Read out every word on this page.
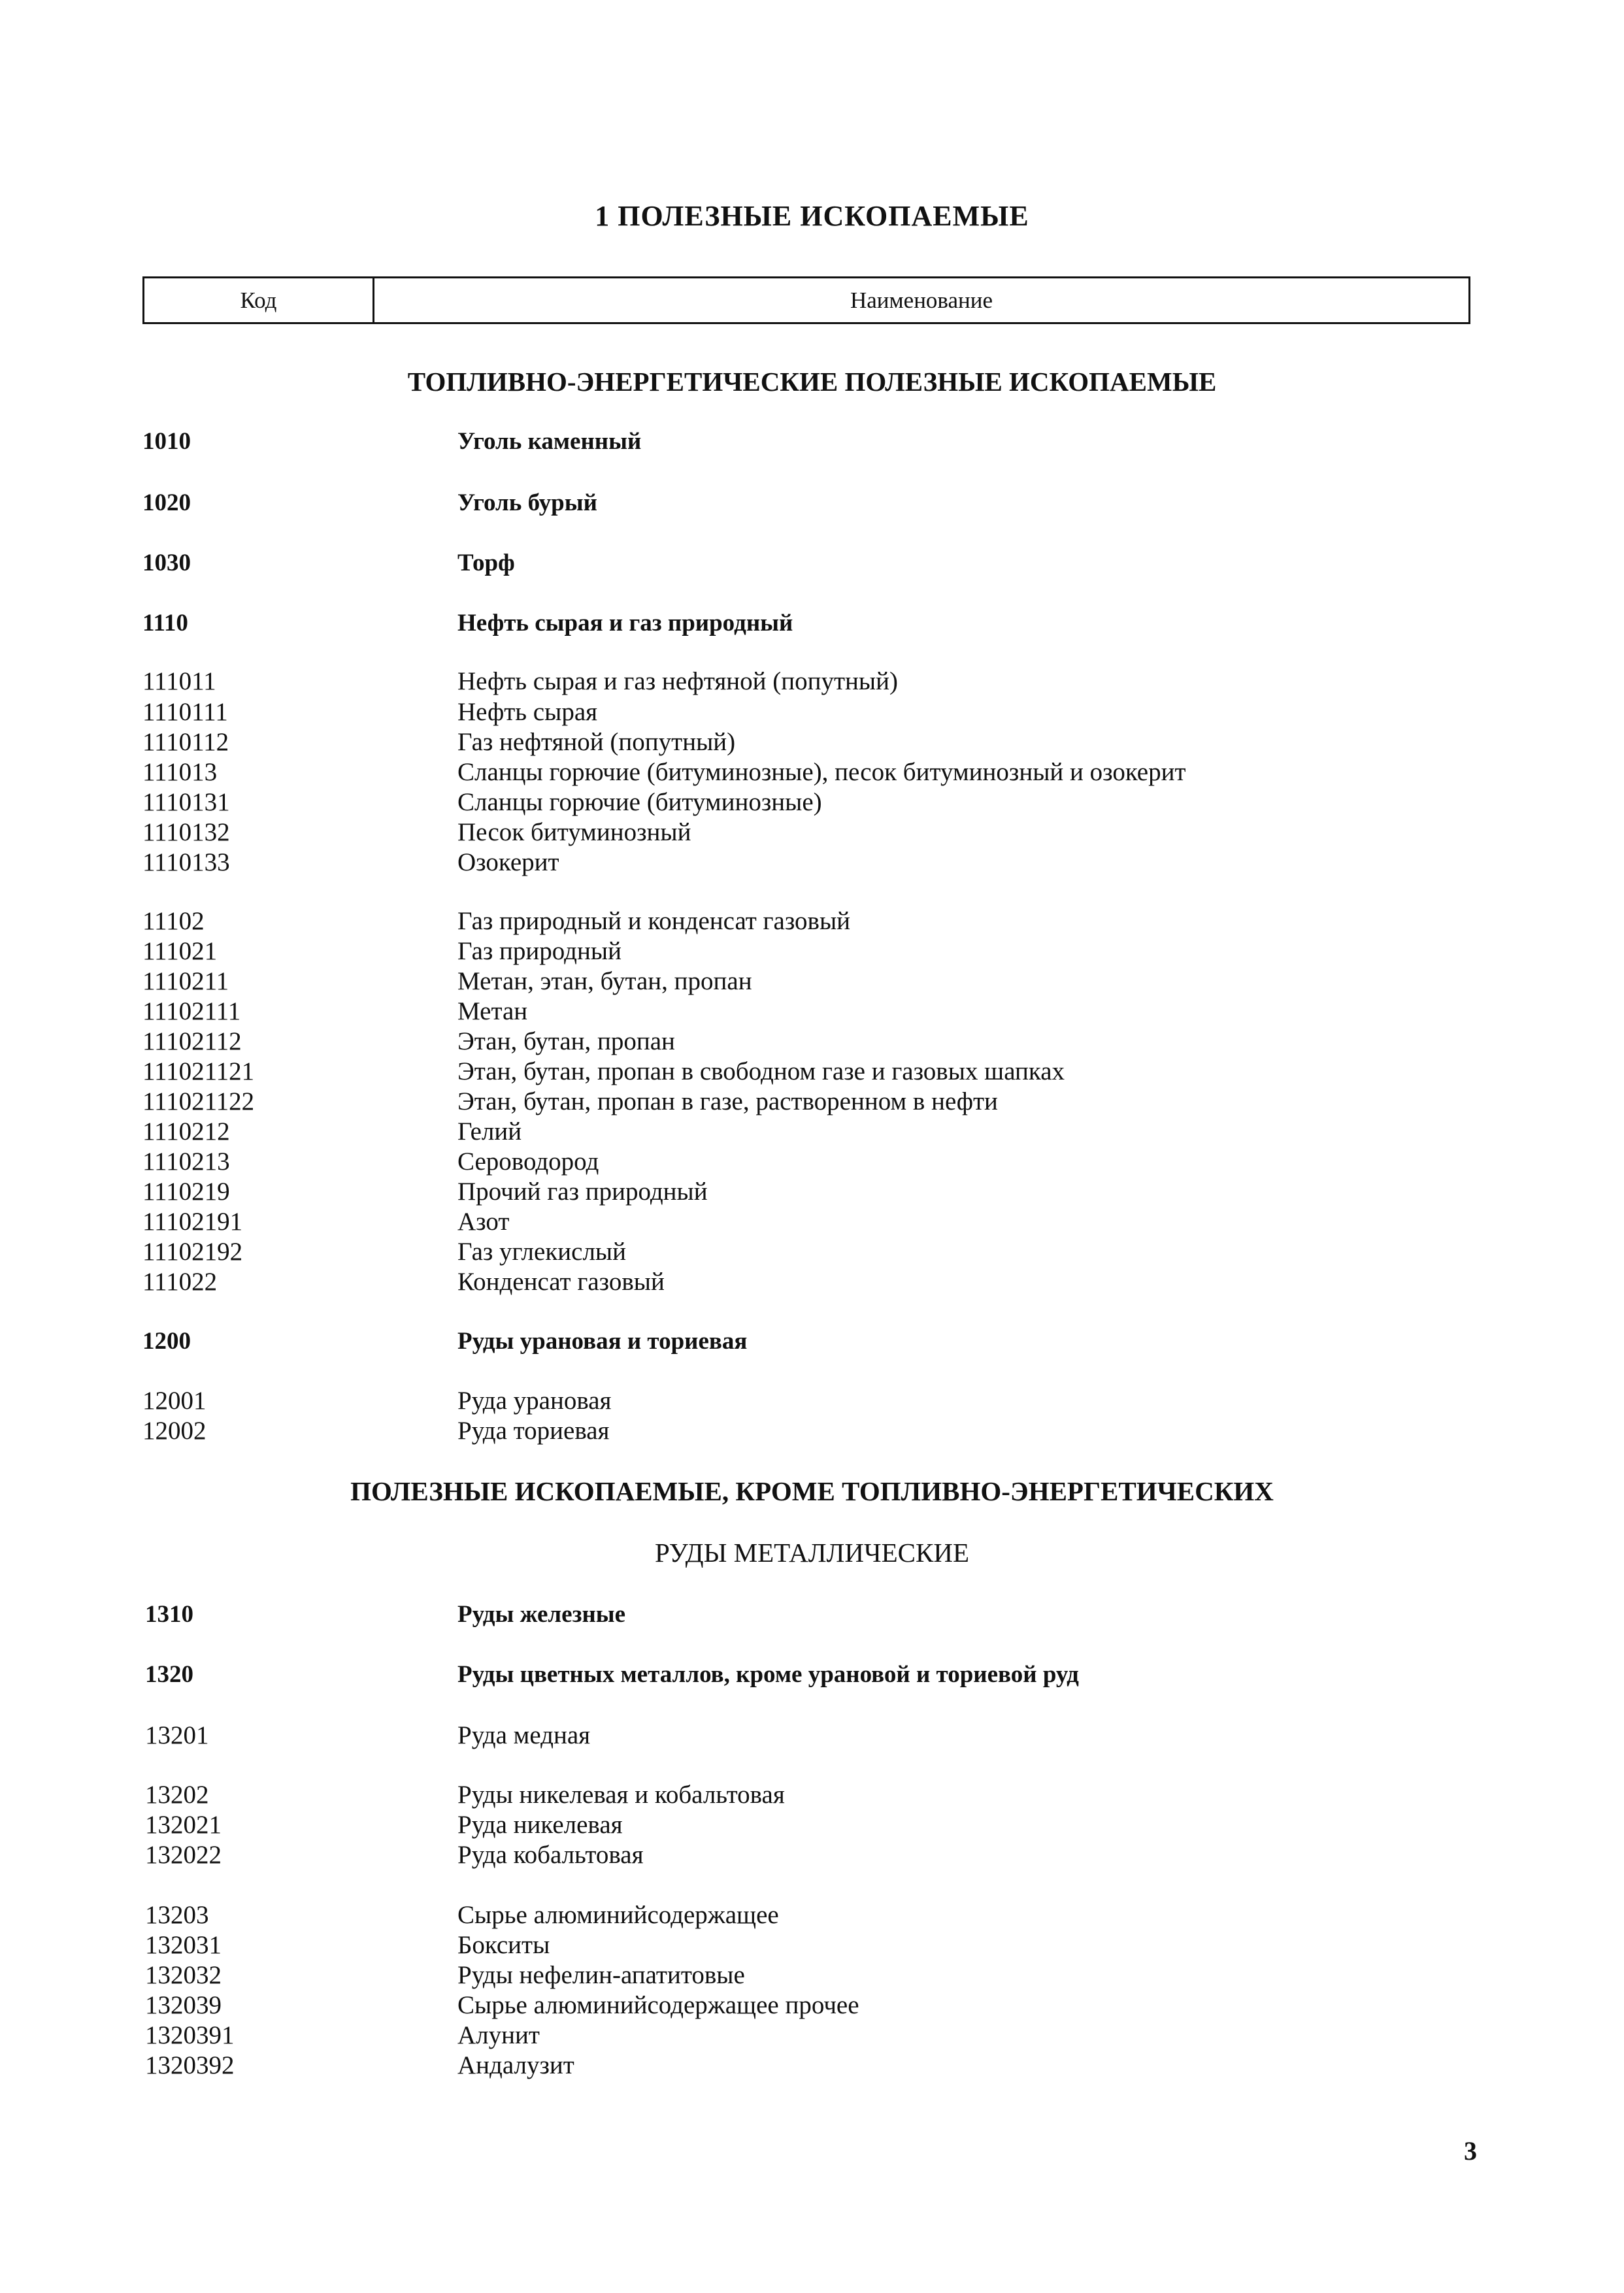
1 ПОЛЕЗНЫЕ ИСКОПАЕМЫЕ
Код	Наименование
ТОПЛИВНО-ЭНЕРГЕТИЧЕСКИЕ ПОЛЕЗНЫЕ ИСКОПАЕМЫЕ
1010	Уголь каменный
1020	Уголь бурый
1030	Торф
1110	Нефть сырая и газ природный
111011	Нефть сырая и газ нефтяной (попутный)
1110111	Нефть сырая
1110112	Газ нефтяной (попутный)
111013	Сланцы горючие (битуминозные), песок битуминозный и озокерит
1110131	Сланцы горючие (битуминозные)
1110132	Песок битуминозный
1110133	Озокерит
11102	Газ природный и конденсат газовый
111021	Газ природный
1110211	Метан, этан, бутан, пропан
11102111	Метан
11102112	Этан, бутан, пропан
111021121	Этан, бутан, пропан в свободном газе и газовых шапках
111021122	Этан, бутан, пропан в газе, растворенном в нефти
1110212	Гелий
1110213	Сероводород
1110219	Прочий газ природный
11102191	Азот
11102192	Газ углекислый
111022	Конденсат газовый
1200	Руды урановая и ториевая
12001	Руда урановая
12002	Руда ториевая
ПОЛЕЗНЫЕ ИСКОПАЕМЫЕ, КРОМЕ ТОПЛИВНО-ЭНЕРГЕТИЧЕСКИХ
РУДЫ МЕТАЛЛИЧЕСКИЕ
1310	Руды железные
1320	Руды цветных металлов, кроме урановой и ториевой руд
13201	Руда медная
13202	Руды никелевая и кобальтовая
132021	Руда никелевая
132022	Руда кобальтовая
13203	Сырье алюминийсодержащее
132031	Бокситы
132032	Руды нефелин-апатитовые
132039	Сырье алюминийсодержащее прочее
1320391	Алунит
1320392	Андалузит
3
